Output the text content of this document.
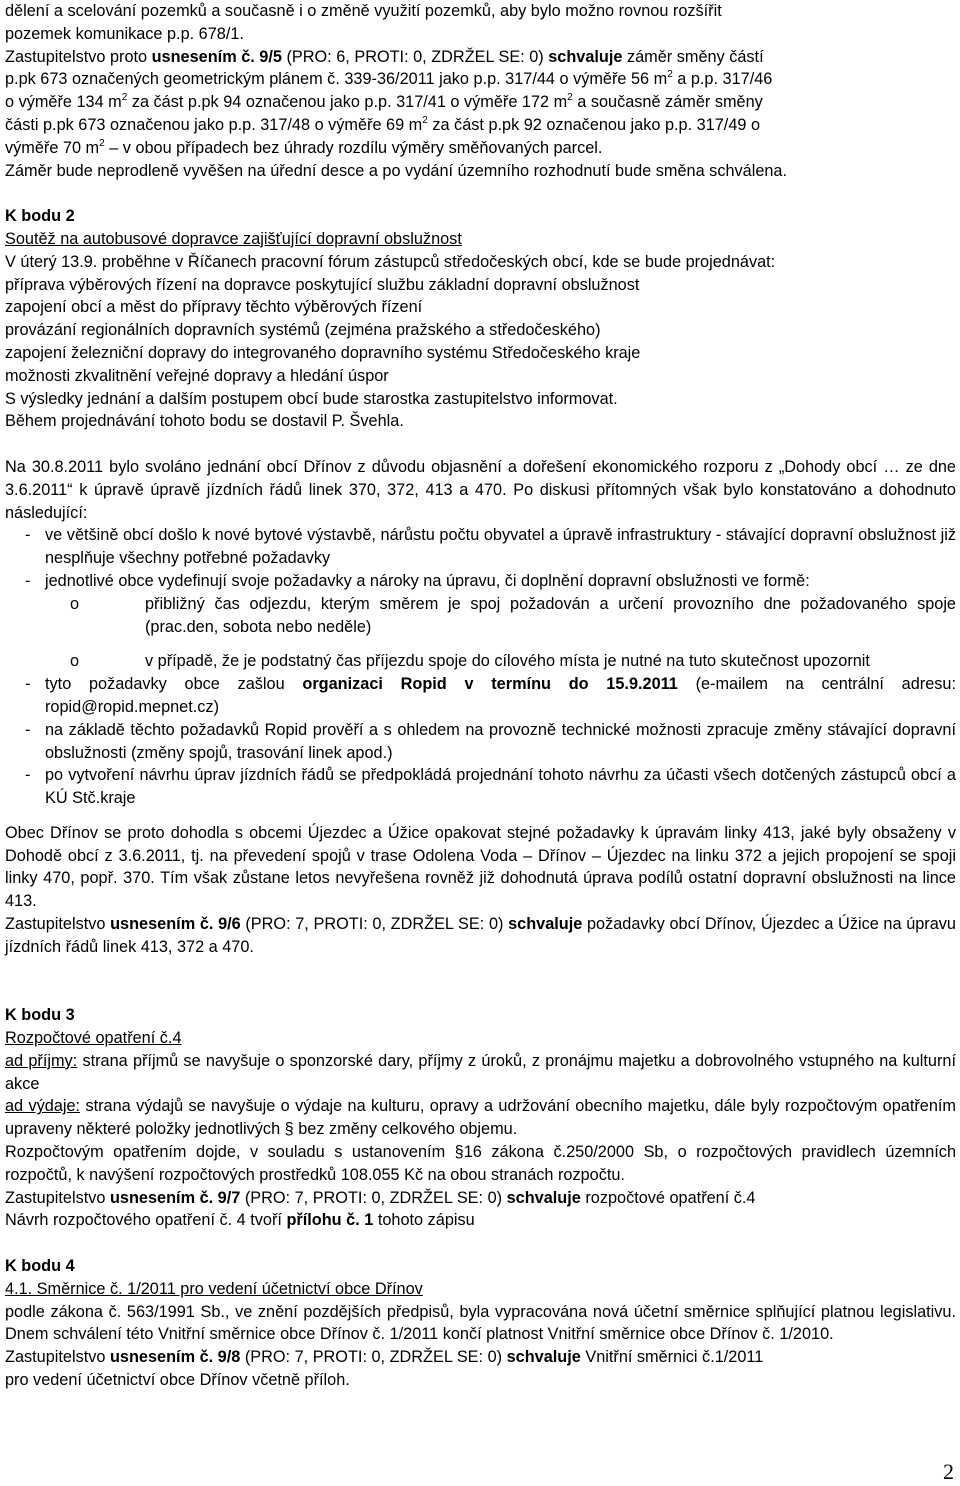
dělení a scelování pozemků a současně i o změně využití pozemků, aby bylo možno rovnou rozšířit
pozemek komunikace p.p. 678/1.
Zastupitelstvo proto usnesením č. 9/5 (PRO: 6, PROTI: 0, ZDRŽEL SE: 0) schvaluje záměr směny částí
p.pk 673 označených geometrickým plánem č. 339-36/2011 jako p.p. 317/44 o výměře 56 $m^2$ a p.p. 317/46
o výměře 134 $m^2$ za část p.pk 94 označenou jako p.p. 317/41 o výměře 172 $m^2$ a současně záměr směny
části p.pk 673 označenou jako p.p. 317/48 o výměře 69 $m^2$ za část p.pk 92 označenou jako p.p. 317/49 o
výměře 70 $m^2$ – v obou případech bez úhrady rozdílu výměry směňovaných parcel.
Záměr bude neprodleně vyvěšen na úřední desce a po vydání územního rozhodnutí bude směna schválena.

K bodu 2

Soutěž na autobusové dopravce zajišťující dopravní obslužnost

V úterý 13.9. proběhne v Říčanech pracovní fórum zástupců středočeských obcí, kde se bude projednávat:

příprava výběrových řízení na dopravce poskytující službu základní dopravní obslužnost

zapojení obcí a měst do přípravy těchto výběrových řízení

provázání regionálních dopravních systémů (zejména pražského a středočeského)

zapojení železniční dopravy do integrovaného dopravního systému Středočeského kraje

možnosti zkvalitnění veřejné dopravy a hledání úspor

S výsledky jednání a dalším postupem obcí bude starostka zastupitelstvo informovat.

Během projednávání tohoto bodu se dostavil P. Švehla.

Na 30.8.2011 bylo svoláno jednání obcí Dřínov z důvodu objasnění a dořešení ekonomického rozporu z „Dohody obcí … ze dne 3.6.2011“ k úpravě úpravě jízdních řádů linek 370, 372, 413 a 470. Po diskusi přítomných však bylo konstatováno a dohodnuto následující:

- ve většině obcí došlo k nové bytové výstavbě, nárůstu počtu obyvatel a úpravě infrastruktury - stávající dopravní obslužnost již nesplňuje všechny potřebné požadavky
- jednotlivé obce vydefinují svoje požadavky a nároky na úpravu, či doplnění dopravní obslužnosti ve formě:
o	přibližný čas odjezdu, kterým směrem je spoj požadován a určení provozního dne požadovaného spoje (prac.den, sobota nebo neděle)
o	v případě, že je podstatný čas příjezdu spoje do cílového místa je nutné na tuto skutečnost upozornit
- tyto požadavky obce zašlou organizaci Ropid v termínu do 15.9.2011 (e-mailem na centrální adresu: ropid@ropid.mepnet.cz)
- na základě těchto požadavků Ropid prověří a s ohledem na provozně technické možnosti zpracuje změny stávající dopravní obslužnosti (změny spojů, trasování linek apod.)
- po vytvoření návrhu úprav jízdních řádů se předpokládá projednání tohoto návrhu za účasti všech dotčených zástupců obcí a KÚ Stč.kraje

Obec Dřínov se proto dohodla s obcemi Újezdec a Úžice opakovat stejné požadavky k úpravám linky 413, jaké byly obsaženy v Dohodě obcí z 3.6.2011, tj. na převedení spojů v trase Odolena Voda – Dřínov – Újezdec na linku 372 a jejich propojení se spoji linky 470, popř. 370. Tím však zůstane letos nevyřešena rovněž již dohodnutá úprava podílů ostatní dopravní obslužnosti na lince 413.

Zastupitelstvo usnesením č. 9/6 (PRO: 7, PROTI: 0, ZDRŽEL SE: 0) schvaluje požadavky obcí Dřínov, Újezdec a Úžice na úpravu jízdních řádů linek 413, 372 a 470.

K bodu 3

Rozpočtové opatření č.4

ad příjmy: strana příjmů se navyšuje o sponzorské dary, příjmy z úroků, z pronájmu majetku a dobrovolného vstupného na kulturní akce

ad výdaje: strana výdajů se navyšuje o výdaje na kulturu, opravy a udržování obecního majetku, dále byly rozpočtovým opatřením upraveny některé položky jednotlivých § bez změny celkového objemu.

Rozpočtovým opatřením dojde, v souladu s ustanovením §16 zákona č.250/2000 Sb, o rozpočtových pravidlech územních rozpočtů, k navýšení rozpočtových prostředků 108.055 Kč na obou stranách rozpočtu.

Zastupitelstvo usnesením č. 9/7 (PRO: 7, PROTI: 0, ZDRŽEL SE: 0) schvaluje rozpočtové opatření č.4

Návrh rozpočtového opatření č. 4 tvoří přílohu č. 1 tohoto zápisu

K bodu 4

4.1. Směrnice č. 1/2011 pro vedení účetnictví obce Dřínov

podle zákona č. 563/1991 Sb., ve znění pozdějších předpisů, byla vypracována nová účetní směrnice splňující platnou legislativu. Dnem schválení této Vnitřní směrnice obce Dřínov č. 1/2011 končí platnost Vnitřní směrnice obce Dřínov č. 1/2010.

Zastupitelstvo usnesením č. 9/8 (PRO: 7, PROTI: 0, ZDRŽEL SE: 0) schvaluje Vnitřní směrnici č.1/2011

pro vedení účetnictví obce Dřínov včetně příloh.

2
